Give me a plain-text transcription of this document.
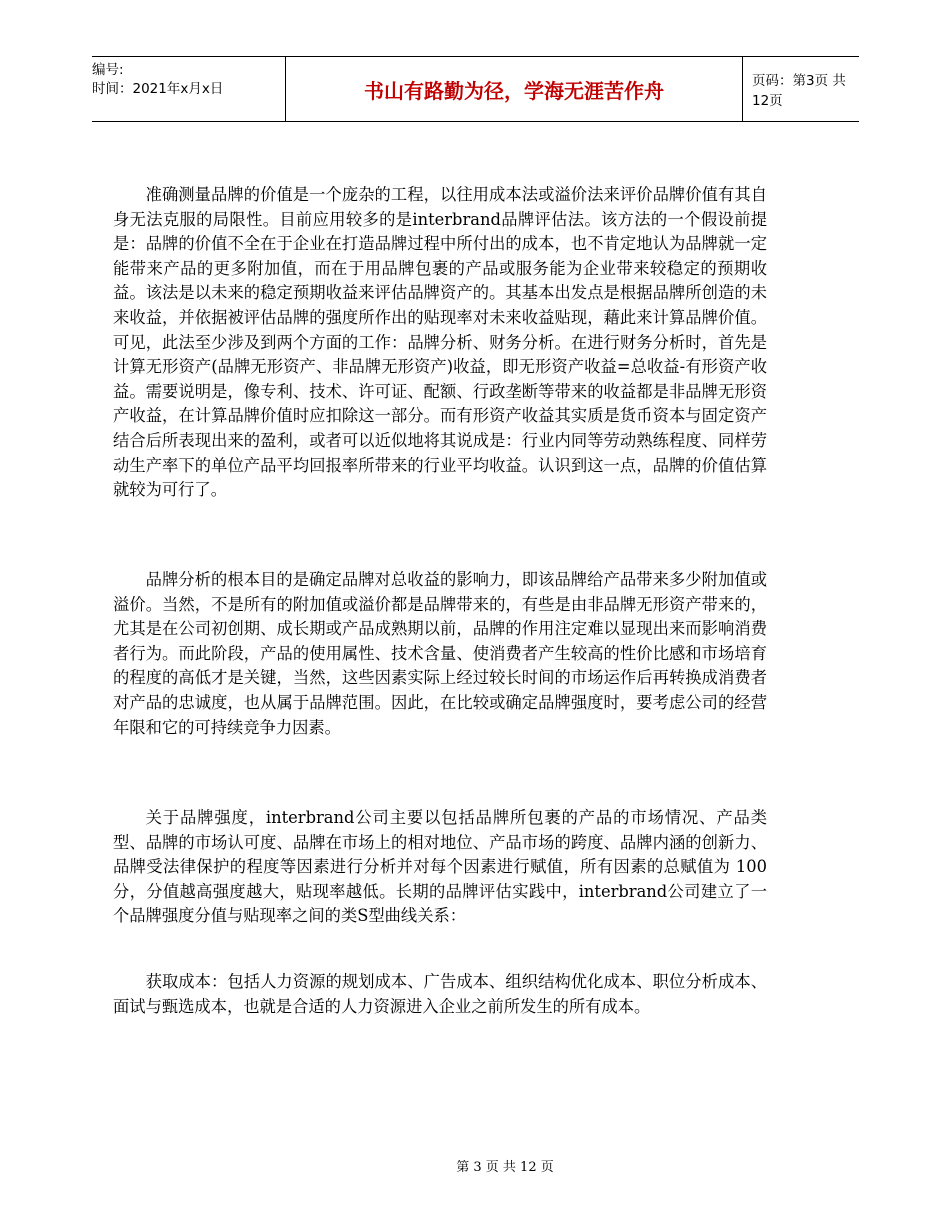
编号:
时间：2021年x月x日	书山有路勤为径，学海无涯苦作舟	页码：第3页 共12页
准确测量品牌的价值是一个庞杂的工程，以往用成本法或溢价法来评价品牌价值有其自身无法克服的局限性。目前应用较多的是interbrand品牌评估法。该方法的一个假设前提是：品牌的价值不全在于企业在打造品牌过程中所付出的成本，也不肯定地认为品牌就一定能带来产品的更多附加值，而在于用品牌包裹的产品或服务能为企业带来较稳定的预期收益。该法是以未来的稳定预期收益来评估品牌资产的。其基本出发点是根据品牌所创造的未来收益，并依据被评估品牌的强度所作出的贴现率对未来收益贴现，藉此来计算品牌价值。可见，此法至少涉及到两个方面的工作：品牌分析、财务分析。在进行财务分析时，首先是计算无形资产(品牌无形资产、非品牌无形资产)收益，即无形资产收益=总收益-有形资产收益。需要说明是，像专利、技术、许可证、配额、行政垄断等带来的收益都是非品牌无形资产收益，在计算品牌价值时应扣除这一部分。而有形资产收益其实质是货币资本与固定资产结合后所表现出来的盈利，或者可以近似地将其说成是：行业内同等劳动熟练程度、同样劳动生产率下的单位产品平均回报率所带来的行业平均收益。认识到这一点，品牌的价值估算就较为可行了。
品牌分析的根本目的是确定品牌对总收益的影响力，即该品牌给产品带来多少附加值或溢价。当然，不是所有的附加值或溢价都是品牌带来的，有些是由非品牌无形资产带来的，尤其是在公司初创期、成长期或产品成熟期以前，品牌的作用注定难以显现出来而影响消费者行为。而此阶段，产品的使用属性、技术含量、使消费者产生较高的性价比感和市场培育的程度的高低才是关键，当然，这些因素实际上经过较长时间的市场运作后再转换成消费者对产品的忠诚度，也从属于品牌范围。因此，在比较或确定品牌强度时，要考虑公司的经营年限和它的可持续竞争力因素。
关于品牌强度，interbrand公司主要以包括品牌所包裹的产品的市场情况、产品类型、品牌的市场认可度、品牌在市场上的相对地位、产品市场的跨度、品牌内涵的创新力、品牌受法律保护的程度等因素进行分析并对每个因素进行赋值，所有因素的总赋值为 100分，分值越高强度越大，贴现率越低。长期的品牌评估实践中，interbrand公司建立了一个品牌强度分值与贴现率之间的类S型曲线关系：
获取成本：包括人力资源的规划成本、广告成本、组织结构优化成本、职位分析成本、面试与甄选成本，也就是合适的人力资源进入企业之前所发生的所有成本。
第 3 页 共 12 页
